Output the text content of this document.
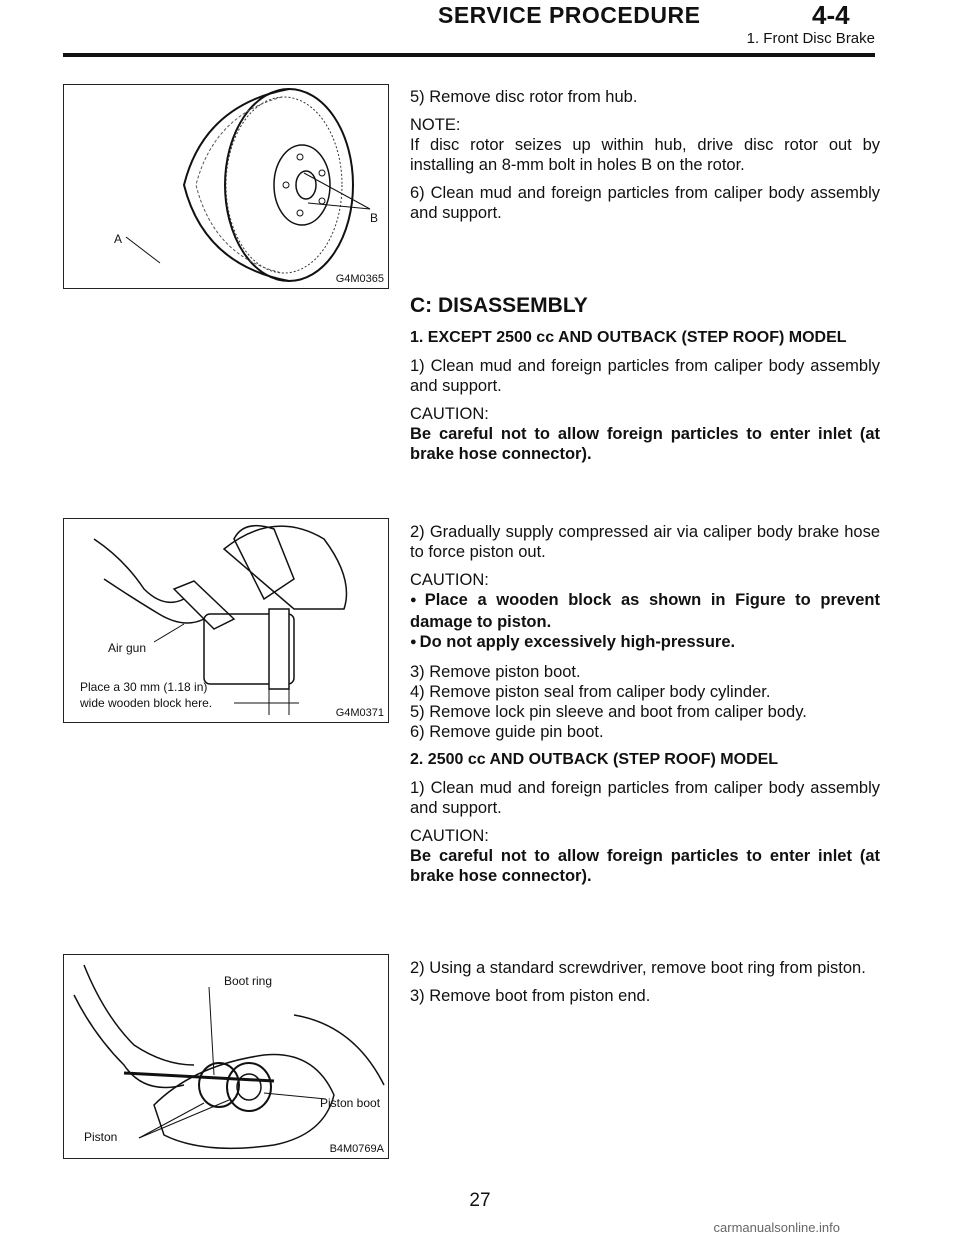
SERVICE PROCEDURE	4-4
1. Front Disc Brake
A
B
G4M0365
Air gun
Place a 30 mm (1.18 in)
wide wooden block here.
G4M0371
Boot ring
Piston boot
Piston
B4M0769A

5) Remove disc rotor from hub.

NOTE:

If disc rotor seizes up within hub, drive disc rotor out by installing an 8-mm bolt in holes B on the rotor.

6) Clean mud and foreign particles from caliper body assembly and support.

C: DISASSEMBLY
1. EXCEPT 2500 cc AND OUTBACK (STEP ROOF) MODEL

1) Clean mud and foreign particles from caliper body assembly and support.

CAUTION:

Be careful not to allow foreign particles to enter inlet (at brake hose connector).

2) Gradually supply compressed air via caliper body brake hose to force piston out.

CAUTION:

● Place a wooden block as shown in Figure to prevent damage to piston.

● Do not apply excessively high-pressure.

3) Remove piston boot.

4) Remove piston seal from caliper body cylinder.

5) Remove lock pin sleeve and boot from caliper body.

6) Remove guide pin boot.

2. 2500 cc AND OUTBACK (STEP ROOF) MODEL

1) Clean mud and foreign particles from caliper body assembly and support.

CAUTION:

Be careful not to allow foreign particles to enter inlet (at brake hose connector).

2) Using a standard screwdriver, remove boot ring from piston.

3) Remove boot from piston end.

27
carmanualsonline.info
